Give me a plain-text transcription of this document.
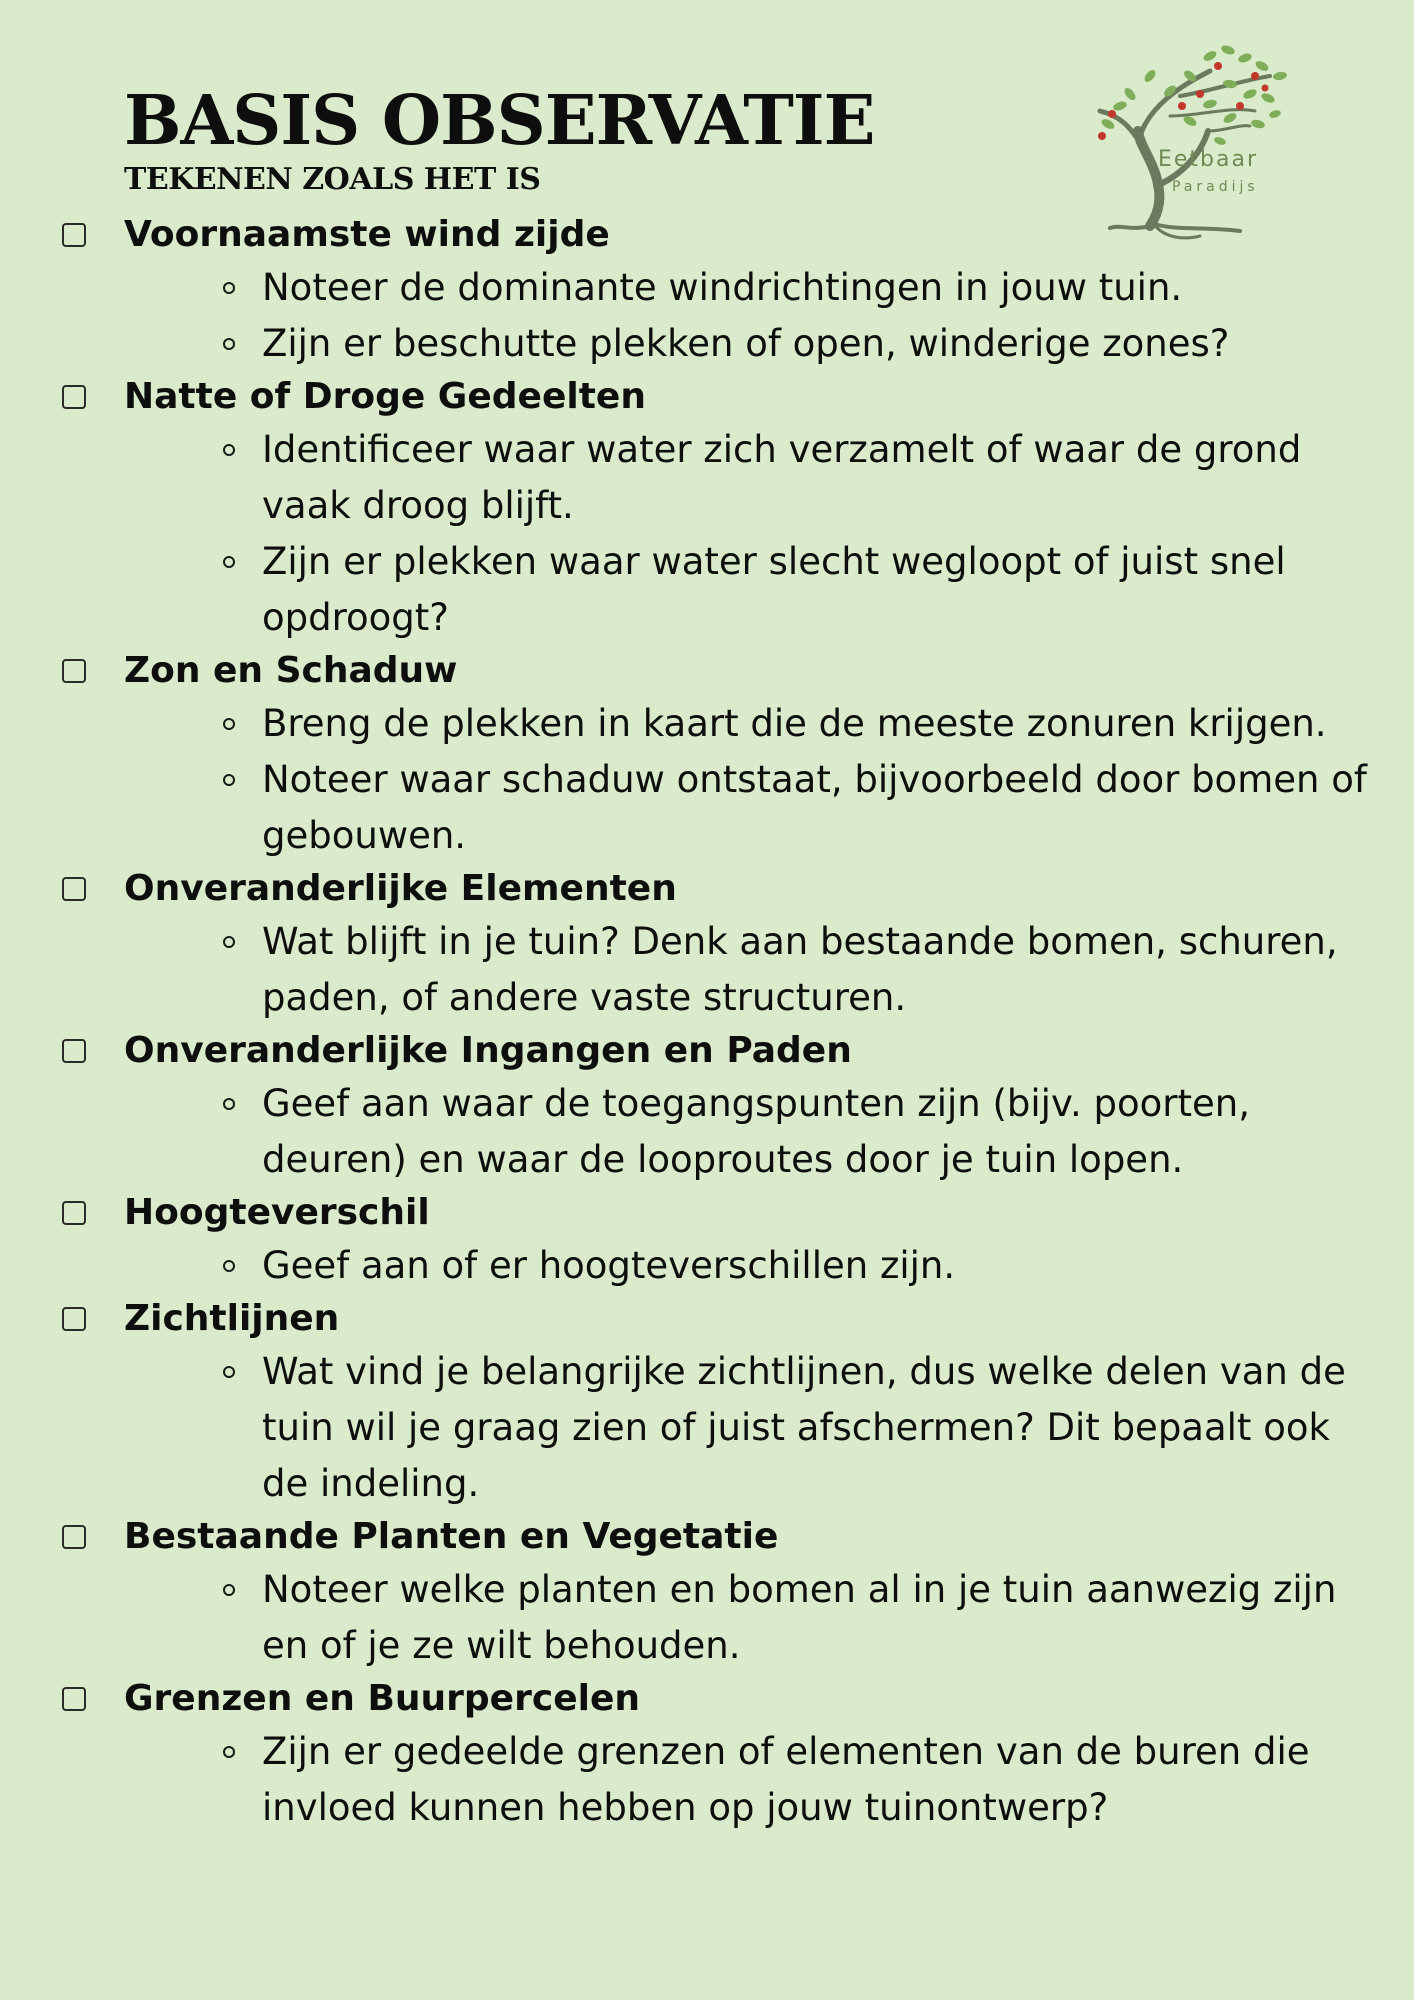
BASIS OBSERVATIE
TEKENEN ZOALS HET IS
Eetbaar
Paradijs
Voornaamste wind zijde
Noteer de dominante windrichtingen in jouw tuin.
Zijn er beschutte plekken of open, winderige zones?
Natte of Droge Gedeelten
Identificeer waar water zich verzamelt of waar de grond vaak droog blijft.
Zijn er plekken waar water slecht wegloopt of juist snel opdroogt?
Zon en Schaduw
Breng de plekken in kaart die de meeste zonuren krijgen.
Noteer waar schaduw ontstaat, bijvoorbeeld door bomen of gebouwen.
Onveranderlijke Elementen
Wat blijft in je tuin? Denk aan bestaande bomen, schuren, paden, of andere vaste structuren.
Onveranderlijke Ingangen en Paden
Geef aan waar de toegangspunten zijn (bijv. poorten, deuren) en waar de looproutes door je tuin lopen.
Hoogteverschil
Geef aan of er hoogteverschillen zijn.
Zichtlijnen
Wat vind je belangrijke zichtlijnen, dus welke delen van de tuin wil je graag zien of juist afschermen? Dit bepaalt ook de indeling.
Bestaande Planten en Vegetatie
Noteer welke planten en bomen al in je tuin aanwezig zijn en of je ze wilt behouden.
Grenzen en Buurpercelen
Zijn er gedeelde grenzen of elementen van de buren die invloed kunnen hebben op jouw tuinontwerp?
